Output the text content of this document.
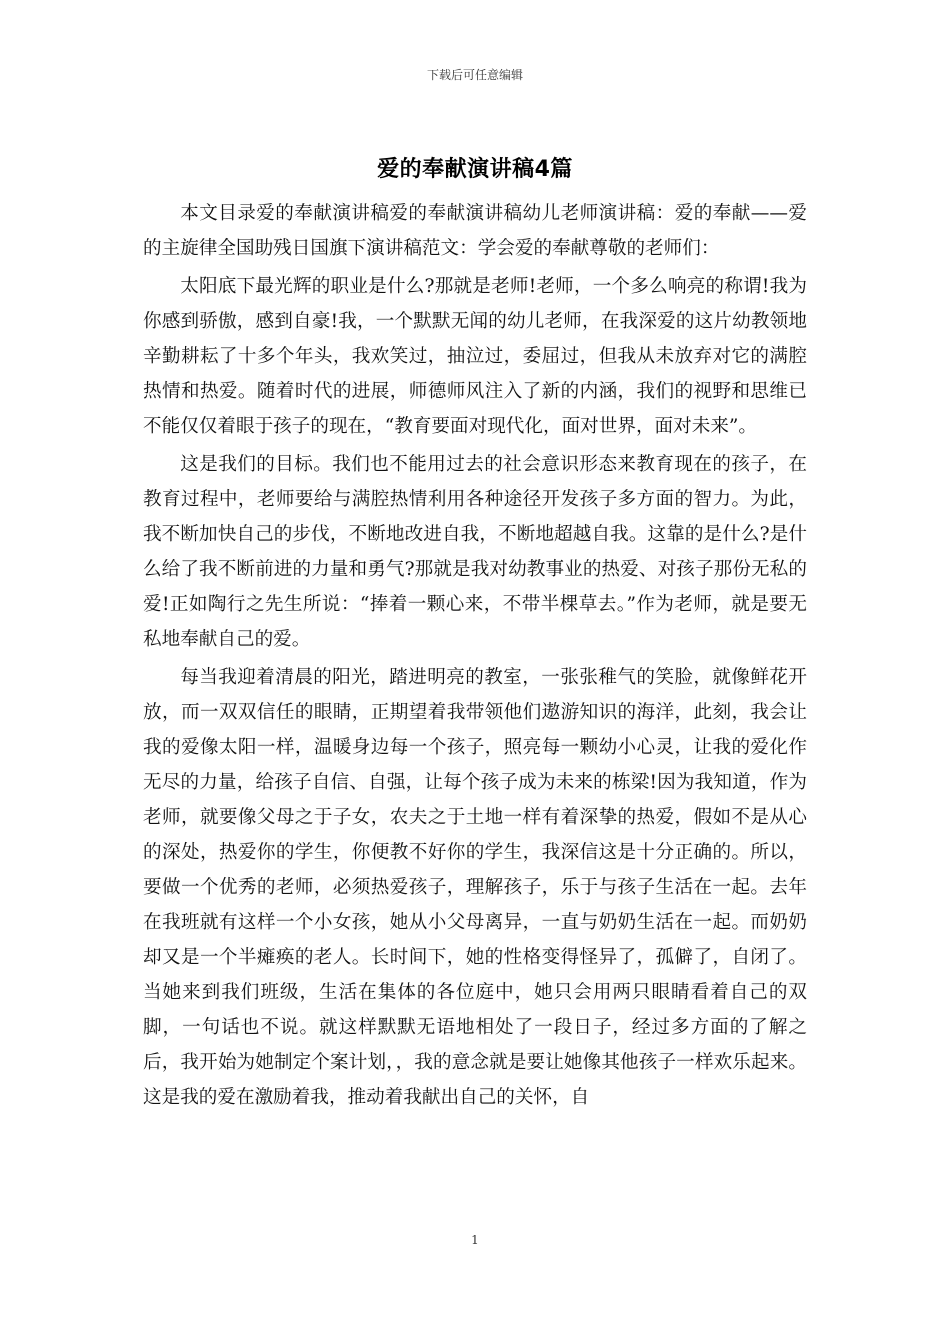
下载后可任意编辑
爱的奉献演讲稿4篇

本文目录爱的奉献演讲稿爱的奉献演讲稿幼儿老师演讲稿：爱的奉献——爱的主旋律全国助残日国旗下演讲稿范文：学会爱的奉献尊敬的老师们：

太阳底下最光辉的职业是什么?那就是老师!老师，一个多么响亮的称谓!我为你感到骄傲，感到自豪!我，一个默默无闻的幼儿老师，在我深爱的这片幼教领地辛勤耕耘了十多个年头，我欢笑过，抽泣过，委屈过，但我从未放弃对它的满腔热情和热爱。随着时代的进展，师德师风注入了新的内涵，我们的视野和思维已不能仅仅着眼于孩子的现在，“教育要面对现代化，面对世界，面对未来”。

这是我们的目标。我们也不能用过去的社会意识形态来教育现在的孩子，在教育过程中，老师要给与满腔热情利用各种途径开发孩子多方面的智力。为此，我不断加快自己的步伐，不断地改进自我，不断地超越自我。这靠的是什么?是什么给了我不断前进的力量和勇气?那就是我对幼教事业的热爱、对孩子那份无私的爱!正如陶行之先生所说：“捧着一颗心来，不带半棵草去。”作为老师，就是要无私地奉献自己的爱。

每当我迎着清晨的阳光，踏进明亮的教室，一张张稚气的笑脸，就像鲜花开放，而一双双信任的眼睛，正期望着我带领他们遨游知识的海洋，此刻，我会让我的爱像太阳一样，温暖身边每一个孩子，照亮每一颗幼小心灵，让我的爱化作无尽的力量，给孩子自信、自强，让每个孩子成为未来的栋梁!因为我知道，作为老师，就要像父母之于子女，农夫之于土地一样有着深挚的热爱，假如不是从心的深处，热爱你的学生，你便教不好你的学生，我深信这是十分正确的。所以，要做一个优秀的老师，必须热爱孩子，理解孩子，乐于与孩子生活在一起。去年在我班就有这样一个小女孩，她从小父母离异，一直与奶奶生活在一起。而奶奶却又是一个半瘫痪的老人。长时间下，她的性格变得怪异了，孤僻了，自闭了。当她来到我们班级，生活在集体的各位庭中，她只会用两只眼睛看着自己的双脚，一句话也不说。就这样默默无语地相处了一段日子，经过多方面的了解之后，我开始为她制定个案计划，，我的意念就是要让她像其他孩子一样欢乐起来。这是我的爱在激励着我，推动着我献出自己的关怀，自

1
